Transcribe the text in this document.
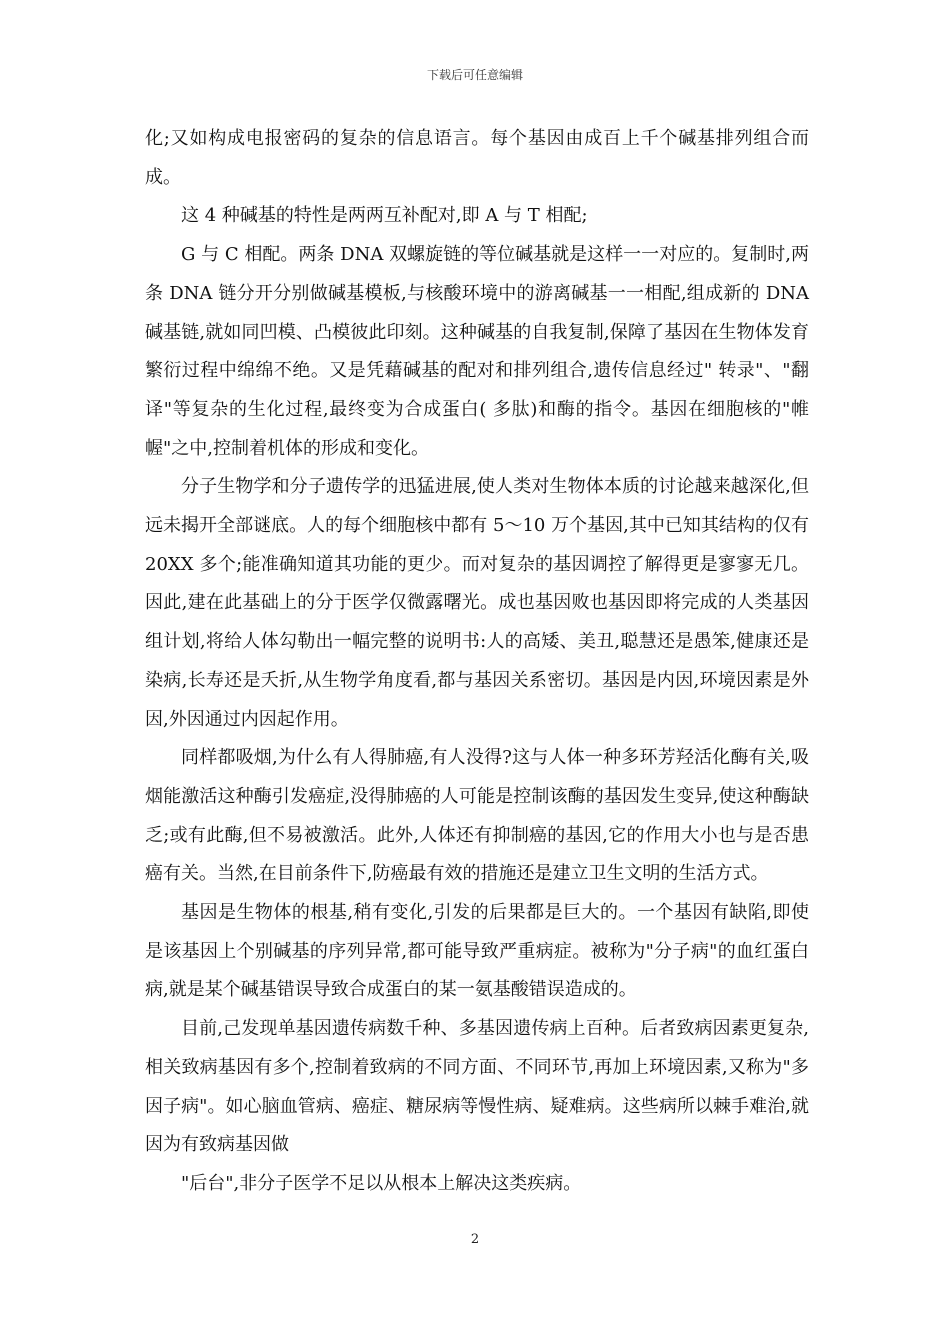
下载后可任意编辑

化;又如构成电报密码的复杂的信息语言。每个基因由成百上千个碱基排列组合而成。

这 4 种碱基的特性是两两互补配对,即 A 与 T 相配;

G 与 C 相配。两条 DNA 双螺旋链的等位碱基就是这样一一对应的。复制时,两条 DNA 链分开分别做碱基模板,与核酸环境中的游离碱基一一相配,组成新的 DNA 碱基链,就如同凹模、凸模彼此印刻。这种碱基的自我复制,保障了基因在生物体发育繁衍过程中绵绵不绝。又是凭藉碱基的配对和排列组合,遗传信息经过" 转录"、"翻译"等复杂的生化过程,最终变为合成蛋白( 多肽)和酶的指令。基因在细胞核的"帷幄"之中,控制着机体的形成和变化。

分子生物学和分子遗传学的迅猛进展,使人类对生物体本质的讨论越来越深化,但远未揭开全部谜底。人的每个细胞核中都有 5～10 万个基因,其中已知其结构的仅有 20XX 多个;能准确知道其功能的更少。而对复杂的基因调控了解得更是寥寥无几。因此,建在此基础上的分于医学仅微露曙光。成也基因败也基因即将完成的人类基因组计划,将给人体勾勒出一幅完整的说明书:人的高矮、美丑,聪慧还是愚笨,健康还是染病,长寿还是夭折,从生物学角度看,都与基因关系密切。基因是内因,环境因素是外因,外因通过内因起作用。

同样都吸烟,为什么有人得肺癌,有人没得?这与人体一种多环芳羟活化酶有关,吸烟能激活这种酶引发癌症,没得肺癌的人可能是控制该酶的基因发生变异,使这种酶缺乏;或有此酶,但不易被激活。此外,人体还有抑制癌的基因,它的作用大小也与是否患癌有关。当然,在目前条件下,防癌最有效的措施还是建立卫生文明的生活方式。

基因是生物体的根基,稍有变化,引发的后果都是巨大的。一个基因有缺陷,即使是该基因上个别碱基的序列异常,都可能导致严重病症。被称为"分子病"的血红蛋白病,就是某个碱基错误导致合成蛋白的某一氨基酸错误造成的。

目前,己发现单基因遗传病数千种、多基因遗传病上百种。后者致病因素更复杂,相关致病基因有多个,控制着致病的不同方面、不同环节,再加上环境因素,又称为"多因子病"。如心脑血管病、癌症、糖尿病等慢性病、疑难病。这些病所以棘手难治,就因为有致病基因做

"后台",非分子医学不足以从根本上解决这类疾病。

2
